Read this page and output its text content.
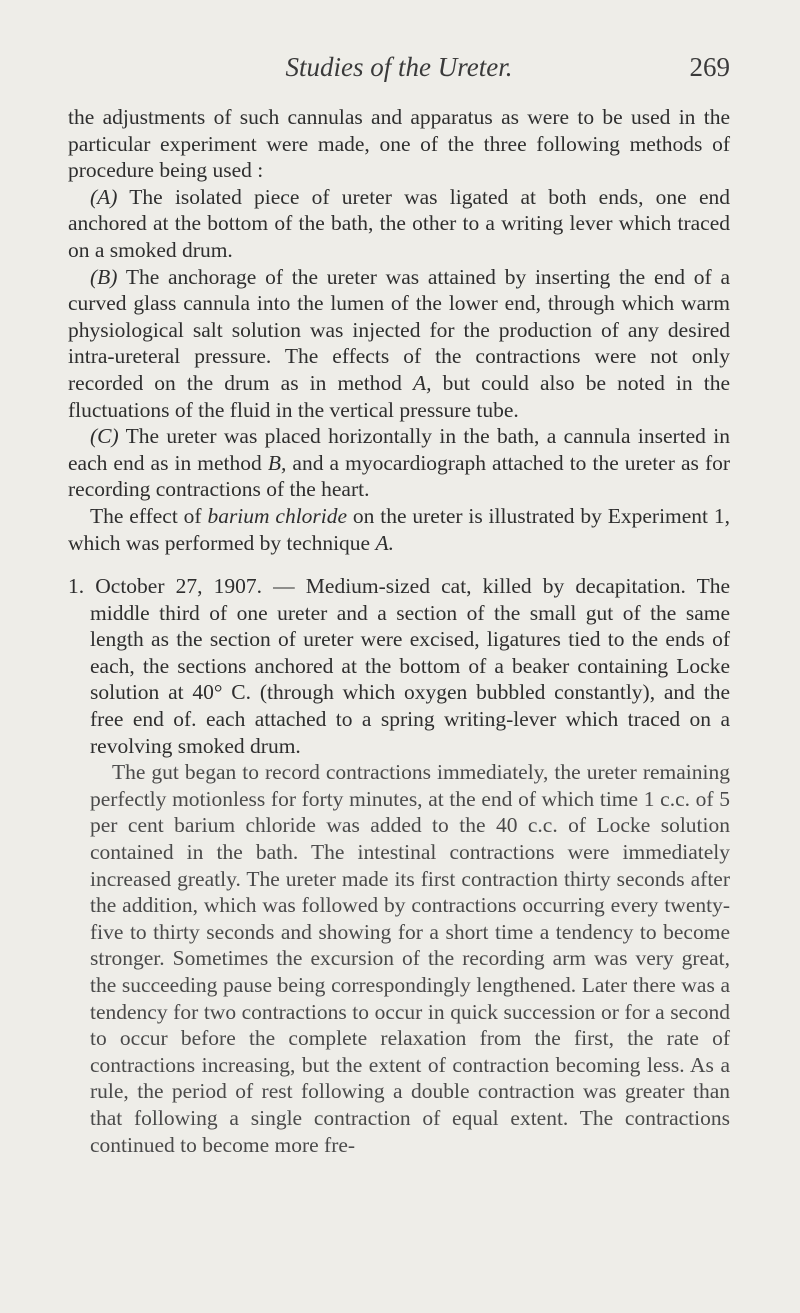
Studies of the Ureter.	269

the adjustments of such cannulas and apparatus as were to be used in the particular experiment were made, one of the three following methods of procedure being used :

(A) The isolated piece of ureter was ligated at both ends, one end anchored at the bottom of the bath, the other to a writing lever which traced on a smoked drum.

(B) The anchorage of the ureter was attained by inserting the end of a curved glass cannula into the lumen of the lower end, through which warm physiological salt solution was injected for the production of any desired intra-ureteral pressure. The effects of the contractions were not only recorded on the drum as in method A, but could also be noted in the fluctuations of the fluid in the vertical pressure tube.

(C) The ureter was placed horizontally in the bath, a cannula inserted in each end as in method B, and a myocardiograph attached to the ureter as for recording contractions of the heart.

The effect of barium chloride on the ureter is illustrated by Experiment 1, which was performed by technique A.

1. October 27, 1907. — Medium-sized cat, killed by decapitation. The middle third of one ureter and a section of the small gut of the same length as the section of ureter were excised, ligatures tied to the ends of each, the sections anchored at the bottom of a beaker containing Locke solution at 40° C. (through which oxygen bubbled constantly), and the free end of. each attached to a spring writing-lever which traced on a revolving smoked drum.

The gut began to record contractions immediately, the ureter remaining perfectly motionless for forty minutes, at the end of which time 1 c.c. of 5 per cent barium chloride was added to the 40 c.c. of Locke solution contained in the bath. The intestinal contractions were immediately increased greatly. The ureter made its first contraction thirty seconds after the addition, which was followed by contractions occurring every twenty-five to thirty seconds and showing for a short time a tendency to become stronger. Sometimes the excursion of the recording arm was very great, the succeeding pause being correspondingly lengthened. Later there was a tendency for two contractions to occur in quick succession or for a second to occur before the complete relaxation from the first, the rate of contractions increasing, but the extent of contraction becoming less. As a rule, the period of rest following a double contraction was greater than that following a single contraction of equal extent. The contractions continued to become more fre-
